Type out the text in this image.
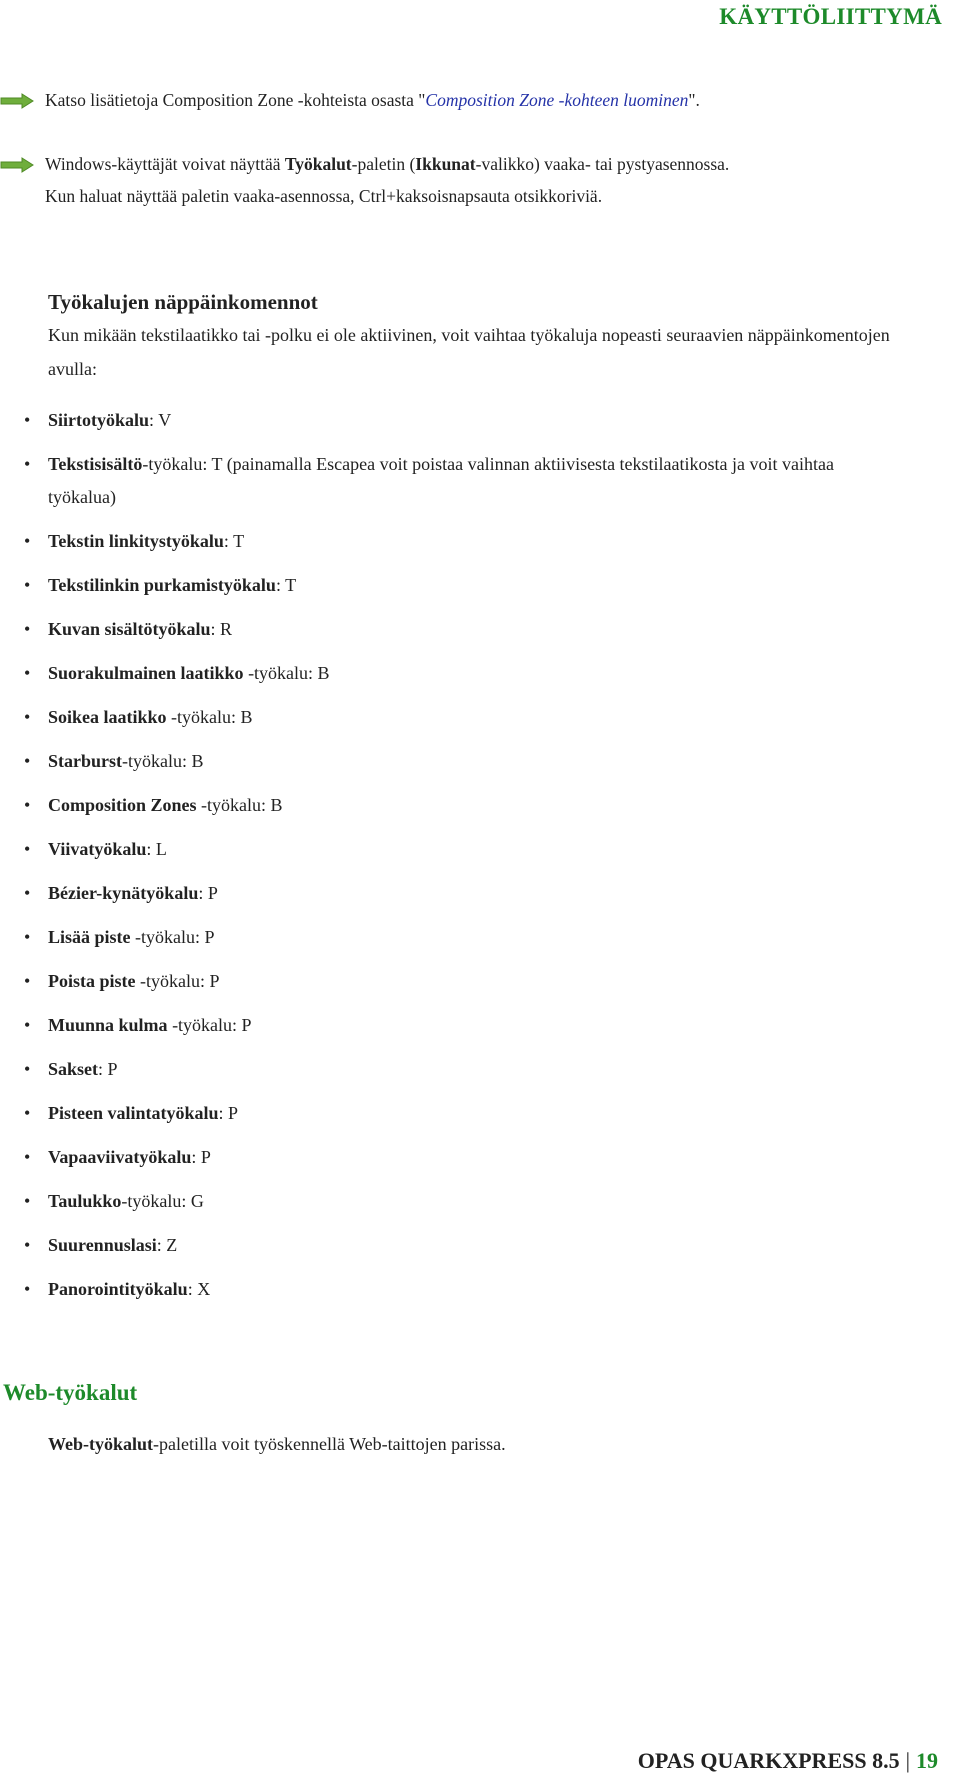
KÄYTTÖLIITTYMÄ
Katso lisätietoja Composition Zone -kohteista osasta "Composition Zone -kohteen luominen".
Windows-käyttäjät voivat näyttää Työkalut-paletin (Ikkunat-valikko) vaaka- tai pystyasennossa.
Kun haluat näyttää paletin vaaka-asennossa, Ctrl+kaksoisnapsauta otsikkoriviä.
Työkalujen näppäinkomennot
Kun mikään tekstilaatikko tai -polku ei ole aktiivinen, voit vaihtaa työkaluja nopeasti seuraavien näppäinkomentojen avulla:
• Siirtotyökalu: V
• Tekstisisältö-työkalu: T (painamalla Escapea voit poistaa valinnan aktiivisesta tekstilaatikosta ja voit vaihtaa työkalua)
• Tekstin linkitystyökalu: T
• Tekstilinkin purkamistyökalu: T
• Kuvan sisältötyökalu: R
• Suorakulmainen laatikko -työkalu: B
• Soikea laatikko -työkalu: B
• Starburst-työkalu: B
• Composition Zones -työkalu: B
• Viivatyökalu: L
• Bézier-kynätyökalu: P
• Lisää piste -työkalu: P
• Poista piste -työkalu: P
• Muunna kulma -työkalu: P
• Sakset: P
• Pisteen valintatyökalu: P
• Vapaaviivatyökalu: P
• Taulukko-työkalu: G
• Suurennuslasi: Z
• Panorointityökalu: X
Web-työkalut
Web-työkalut-paletilla voit työskennellä Web-taittojen parissa.
OPAS QUARKXPRESS 8.5 | 19
